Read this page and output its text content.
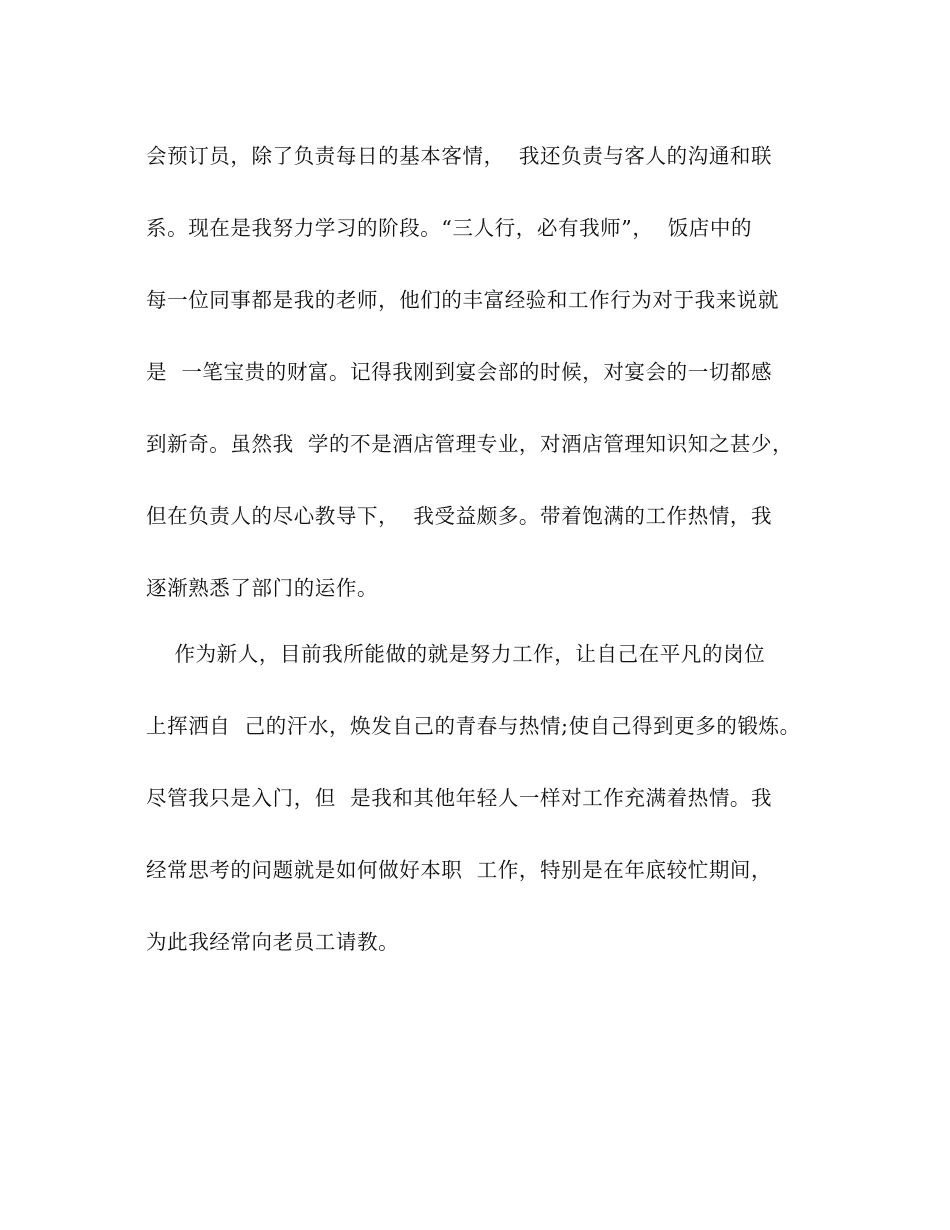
会预订员，除了负责每日的基本客情，  我还负责与客人的沟通和联
系。现在是我努力学习的阶段。“三人行，必有我师”，  饭店中的
每一位同事都是我的老师，他们的丰富经验和工作行为对于我来说就
是  一笔宝贵的财富。记得我刚到宴会部的时候，对宴会的一切都感
到新奇。虽然我  学的不是酒店管理专业，对酒店管理知识知之甚少，
但在负责人的尽心教导下，  我受益颇多。带着饱满的工作热情，我
逐渐熟悉了部门的运作。
作为新人，目前我所能做的就是努力工作，让自己在平凡的岗位
上挥洒自  己的汗水，焕发自己的青春与热情;使自己得到更多的锻炼。
尽管我只是入门，但  是我和其他年轻人一样对工作充满着热情。我
经常思考的问题就是如何做好本职  工作，特别是在年底较忙期间，
为此我经常向老员工请教。
